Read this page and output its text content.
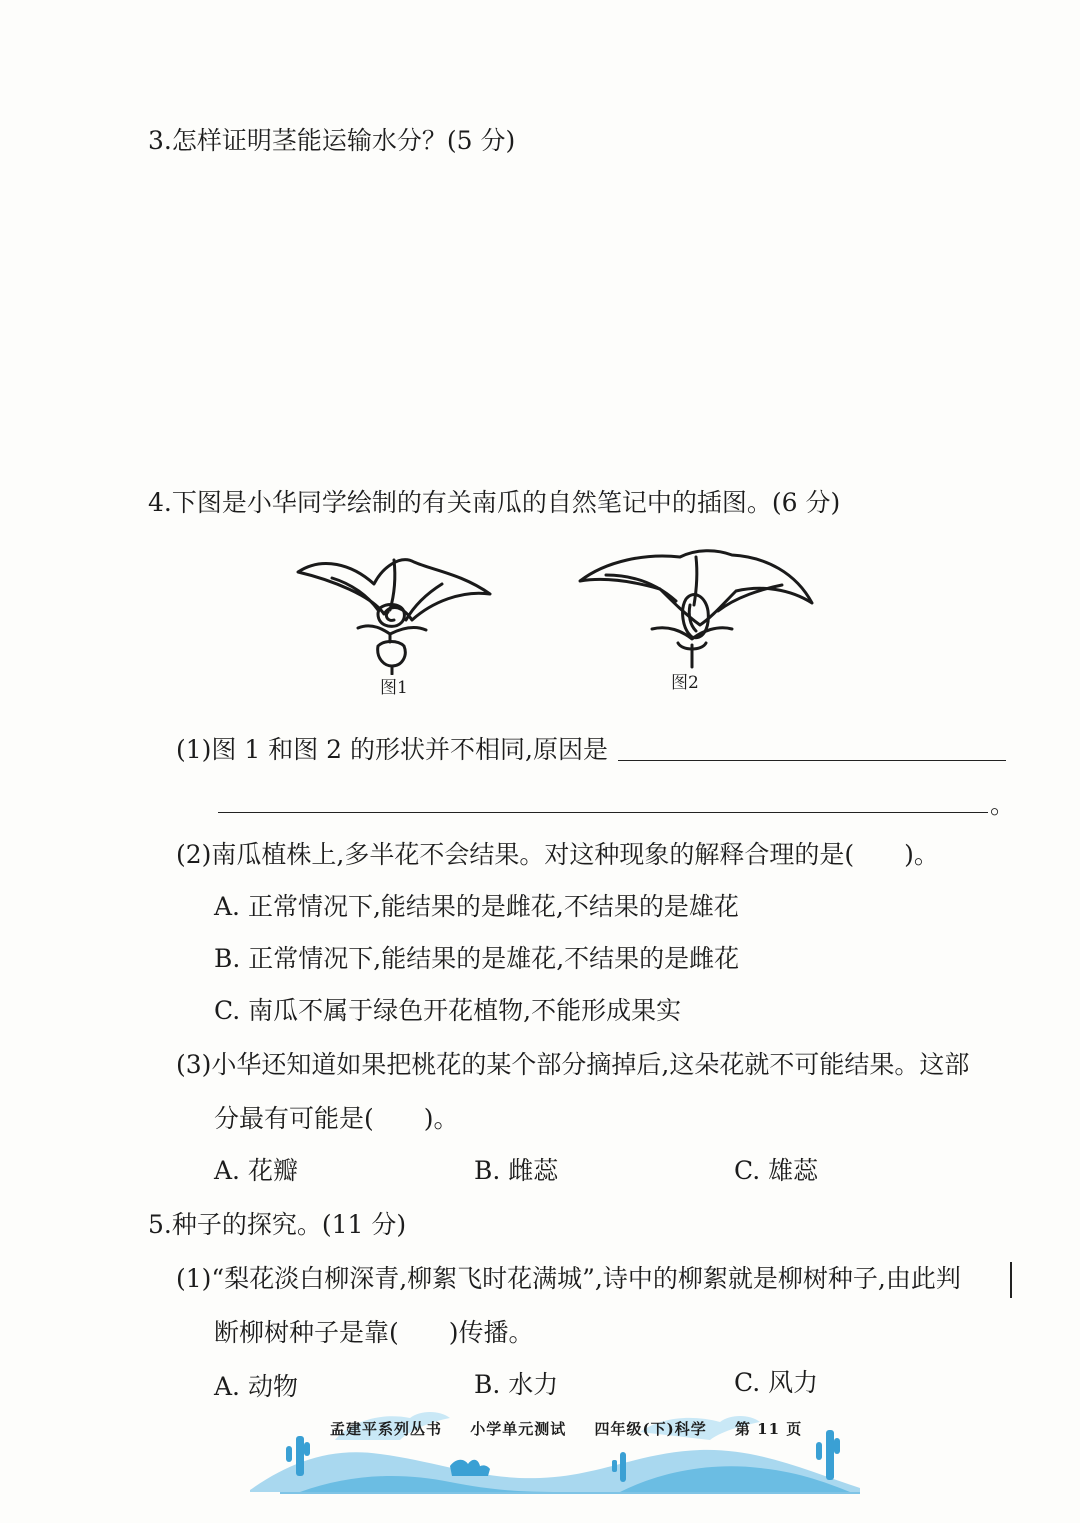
3.怎样证明茎能运输水分？(5 分)
4.下图是小华同学绘制的有关南瓜的自然笔记中的插图。(6 分)
图1	图2
(1)图 1 和图 2 的形状并不相同,原因是
。
(2)南瓜植株上,多半花不会结果。对这种现象的解释合理的是(　　)。
A. 正常情况下,能结果的是雌花,不结果的是雄花
B. 正常情况下,能结果的是雄花,不结果的是雌花
C. 南瓜不属于绿色开花植物,不能形成果实
(3)小华还知道如果把桃花的某个部分摘掉后,这朵花就不可能结果。这部
分最有可能是(　　)。
A. 花瓣	B. 雌蕊	C. 雄蕊
5.种子的探究。(11 分)
(1)“梨花淡白柳深青,柳絮飞时花满城”,诗中的柳絮就是柳树种子,由此判
断柳树种子是靠(　　)传播。
A. 动物	B. 水力	C. 风力
孟建平系列丛书 小学单元测试 四年级(下)科学 第 11 页
